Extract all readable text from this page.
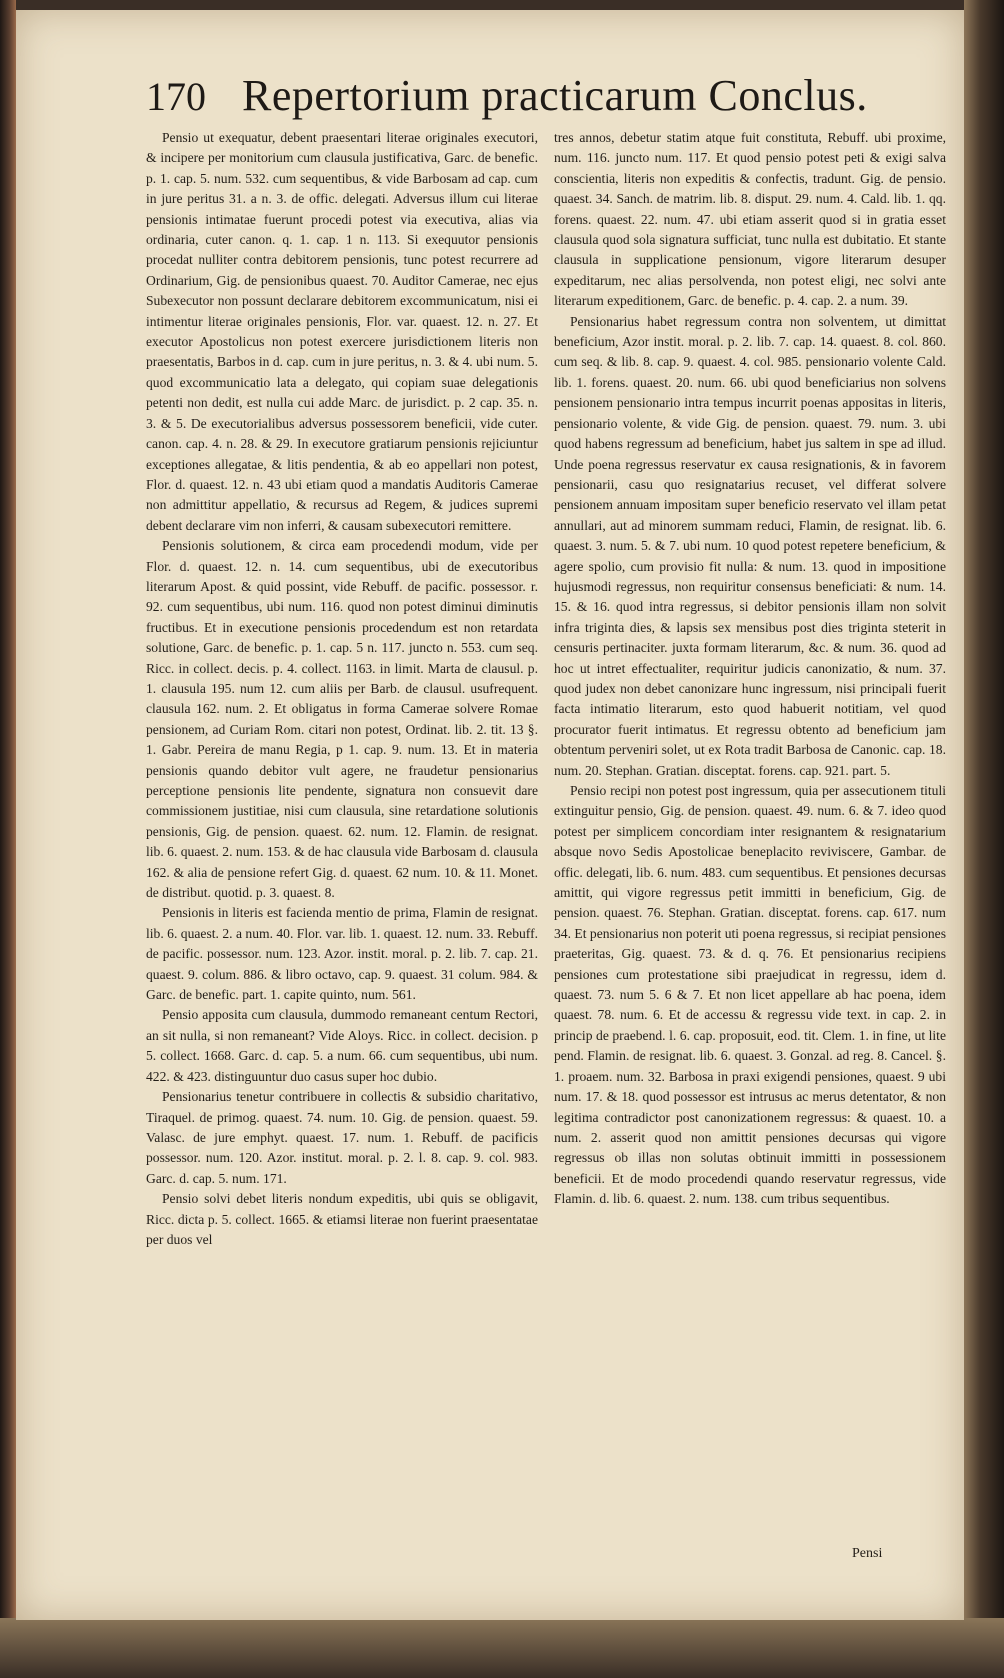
170 Repertorium practicarum Conclus.

Pensio ut exequatur, debent praesentari literae originales executori, & incipere per monitorium cum clausula justificativa, Garc. de benefic. p. 1. cap. 5. num. 532. cum sequentibus, & vide Barbosam ad cap. cum in jure peritus 31. a n. 3. de offic. delegati. Adversus illum cui literae pensionis intimatae fuerunt procedi potest via executiva, alias via ordinaria, cuter canon. q. 1. cap. 1 n. 113. Si exequutor pensionis procedat nulliter contra debitorem pensionis, tunc potest recurrere ad Ordinarium, Gig. de pensionibus quaest. 70. Auditor Camerae, nec ejus Subexecutor non possunt declarare debitorem excommunicatum, nisi ei intimentur literae originales pensionis, Flor. var. quaest. 12. n. 27. Et executor Apostolicus non potest exercere jurisdictionem literis non praesentatis, Barbos in d. cap. cum in jure peritus, n. 3. & 4. ubi num. 5. quod excommunicatio lata a delegato, qui copiam suae delegationis petenti non dedit, est nulla cui adde Marc. de jurisdict. p. 2 cap. 35. n. 3. & 5. De executorialibus adversus possessorem beneficii, vide cuter. canon. cap. 4. n. 28. & 29. In executore gratiarum pensionis rejiciuntur exceptiones allegatae, & litis pendentia, & ab eo appellari non potest, Flor. d. quaest. 12. n. 43 ubi etiam quod a mandatis Auditoris Camerae non admittitur appellatio, & recursus ad Regem, & judices supremi debent declarare vim non inferri, & causam subexecutori remittere.

Pensionis solutionem, & circa eam procedendi modum, vide per Flor. d. quaest. 12. n. 14. cum sequentibus, ubi de executoribus literarum Apost. & quid possint, vide Rebuff. de pacific. possessor. r. 92. cum sequentibus, ubi num. 116. quod non potest diminui diminutis fructibus. Et in executione pensionis procedendum est non retardata solutione, Garc. de benefic. p. 1. cap. 5 n. 117. juncto n. 553. cum seq. Ricc. in collect. decis. p. 4. collect. 1163. in limit. Marta de clausul. p. 1. clausula 195. num 12. cum aliis per Barb. de clausul. usufrequent. clausula 162. num. 2. Et obligatus in forma Camerae solvere Romae pensionem, ad Curiam Rom. citari non potest, Ordinat. lib. 2. tit. 13 §. 1. Gabr. Pereira de manu Regia, p 1. cap. 9. num. 13. Et in materia pensionis quando debitor vult agere, ne fraudetur pensionarius perceptione pensionis lite pendente, signatura non consuevit dare commissionem justitiae, nisi cum clausula, sine retardatione solutionis pensionis, Gig. de pension. quaest. 62. num. 12. Flamin. de resignat. lib. 6. quaest. 2. num. 153. & de hac clausula vide Barbosam d. clausula 162. & alia de pensione refert Gig. d. quaest. 62 num. 10. & 11. Monet. de distribut. quotid. p. 3. quaest. 8.

Pensionis in literis est facienda mentio de prima, Flamin de resignat. lib. 6. quaest. 2. a num. 40. Flor. var. lib. 1. quaest. 12. num. 33. Rebuff. de pacific. possessor. num. 123. Azor. instit. moral. p. 2. lib. 7. cap. 21. quaest. 9. colum. 886. & libro octavo, cap. 9. quaest. 31 colum. 984. & Garc. de benefic. part. 1. capite quinto, num. 561.

Pensio apposita cum clausula, dummodo remaneant centum Rectori, an sit nulla, si non remaneant? Vide Aloys. Ricc. in collect. decision. p 5. collect. 1668. Garc. d. cap. 5. a num. 66. cum sequentibus, ubi num. 422. & 423. distinguuntur duo casus super hoc dubio.

Pensionarius tenetur contribuere in collectis & subsidio charitativo, Tiraquel. de primog. quaest. 74. num. 10. Gig. de pension. quaest. 59. Valasc. de jure emphyt. quaest. 17. num. 1. Rebuff. de pacificis possessor. num. 120. Azor. institut. moral. p. 2. l. 8. cap. 9. col. 983. Garc. d. cap. 5. num. 171.

Pensio solvi debet literis nondum expeditis, ubi quis se obligavit, Ricc. dicta p. 5. collect. 1665. & etiamsi literae non fuerint praesentatae per duos vel

tres annos, debetur statim atque fuit constituta, Rebuff. ubi proxime, num. 116. juncto num. 117. Et quod pensio potest peti & exigi salva conscientia, literis non expeditis & confectis, tradunt. Gig. de pensio. quaest. 34. Sanch. de matrim. lib. 8. disput. 29. num. 4. Cald. lib. 1. qq. forens. quaest. 22. num. 47. ubi etiam asserit quod si in gratia esset clausula quod sola signatura sufficiat, tunc nulla est dubitatio. Et stante clausula in supplicatione pensionum, vigore literarum desuper expeditarum, nec alias persolvenda, non potest eligi, nec solvi ante literarum expeditionem, Garc. de benefic. p. 4. cap. 2. a num. 39.

Pensionarius habet regressum contra non solventem, ut dimittat beneficium, Azor instit. moral. p. 2. lib. 7. cap. 14. quaest. 8. col. 860. cum seq. & lib. 8. cap. 9. quaest. 4. col. 985. pensionario volente Cald. lib. 1. forens. quaest. 20. num. 66. ubi quod beneficiarius non solvens pensionem pensionario intra tempus incurrit poenas appositas in literis, pensionario volente, & vide Gig. de pension. quaest. 79. num. 3. ubi quod habens regressum ad beneficium, habet jus saltem in spe ad illud. Unde poena regressus reservatur ex causa resignationis, & in favorem pensionarii, casu quo resignatarius recuset, vel differat solvere pensionem annuam impositam super beneficio reservato vel illam petat annullari, aut ad minorem summam reduci, Flamin, de resignat. lib. 6. quaest. 3. num. 5. & 7. ubi num. 10 quod potest repetere beneficium, & agere spolio, cum provisio fit nulla: & num. 13. quod in impositione hujusmodi regressus, non requiritur consensus beneficiati: & num. 14. 15. & 16. quod intra regressus, si debitor pensionis illam non solvit infra triginta dies, & lapsis sex mensibus post dies triginta steterit in censuris pertinaciter. juxta formam literarum, &c. & num. 36. quod ad hoc ut intret effectualiter, requiritur judicis canonizatio, & num. 37. quod judex non debet canonizare hunc ingressum, nisi principali fuerit facta intimatio literarum, esto quod habuerit notitiam, vel quod procurator fuerit intimatus. Et regressu obtento ad beneficium jam obtentum perveniri solet, ut ex Rota tradit Barbosa de Canonic. cap. 18. num. 20. Stephan. Gratian. disceptat. forens. cap. 921. part. 5.

Pensio recipi non potest post ingressum, quia per assecutionem tituli extinguitur pensio, Gig. de pension. quaest. 49. num. 6. & 7. ideo quod potest per simplicem concordiam inter resignantem & resignatarium absque novo Sedis Apostolicae beneplacito reviviscere, Gambar. de offic. delegati, lib. 6. num. 483. cum sequentibus. Et pensiones decursas amittit, qui vigore regressus petit immitti in beneficium, Gig. de pension. quaest. 76. Stephan. Gratian. disceptat. forens. cap. 617. num 34. Et pensionarius non poterit uti poena regressus, si recipiat pensiones praeteritas, Gig. quaest. 73. & d. q. 76. Et pensionarius recipiens pensiones cum protestatione sibi praejudicat in regressu, idem d. quaest. 73. num 5. 6 & 7. Et non licet appellare ab hac poena, idem quaest. 78. num. 6. Et de accessu & regressu vide text. in cap. 2. in princip de praebend. l. 6. cap. proposuit, eod. tit. Clem. 1. in fine, ut lite pend. Flamin. de resignat. lib. 6. quaest. 3. Gonzal. ad reg. 8. Cancel. §. 1. proaem. num. 32. Barbosa in praxi exigendi pensiones, quaest. 9 ubi num. 17. & 18. quod possessor est intrusus ac merus detentator, & non legitima contradictor post canonizationem regressus: & quaest. 10. a num. 2. asserit quod non amittit pensiones decursas qui vigore regressus ob illas non solutas obtinuit immitti in possessionem beneficii. Et de modo procedendi quando reservatur regressus, vide Flamin. d. lib. 6. quaest. 2. num. 138. cum tribus sequentibus.

Pensi
